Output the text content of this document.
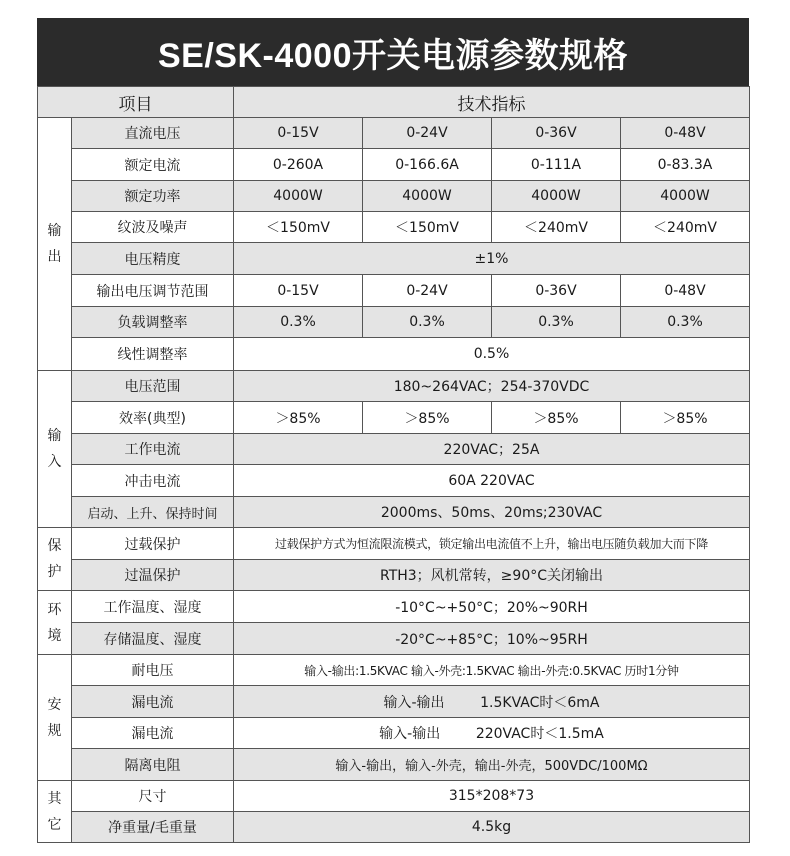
SE/SK-4000开关电源参数规格
项目		技术指标			

输
出	直流电压	0-15V	0-24V	0-36V	0-48V
	额定电流	0-260A	0-166.6A	0-111A	0-83.3A
	额定功率	4000W	4000W	4000W	4000W
	纹波及噪声	＜150mV	＜150mV	＜240mV	＜240mV
	电压精度	±1%			
	输出电压调节范围	0-15V	0-24V	0-36V	0-48V
	负载调整率	0.3%	0.3%	0.3%	0.3%
	线性调整率	0.5%			

输
入	电压范围	180~264VAC；254-370VDC			
	效率(典型)	＞85%	＞85%	＞85%	＞85%
	工作电流	220VAC；25A			
	冲击电流	60A 220VAC			
	启动、上升、保持时间	2000ms、50ms、20ms;230VAC			

保
护	过载保护	过载保护方式为恒流限流模式，锁定输出电流值不上升，输出电压随负载加大而下降			
	过温保护	RTH3；风机常转，≥90°C关闭输出			

环
境	工作温度、湿度	-10°C~+50°C；20%~90RH			
	存储温度、湿度	-20°C~+85°C；10%~95RH			

安
规	耐电压	输入-输出:1.5KVAC 输入-外壳:1.5KVAC 输出-外壳:0.5KVAC 历时1分钟			
	漏电流	输入-输出        1.5KVAC时＜6mA			
	漏电流	输入-输出        220VAC时＜1.5mA			
	隔离电阻	输入-输出，输入-外壳，输出-外壳，500VDC/100MΩ			

其
它	尺寸	315*208*73			
	净重量/毛重量	4.5kg			
